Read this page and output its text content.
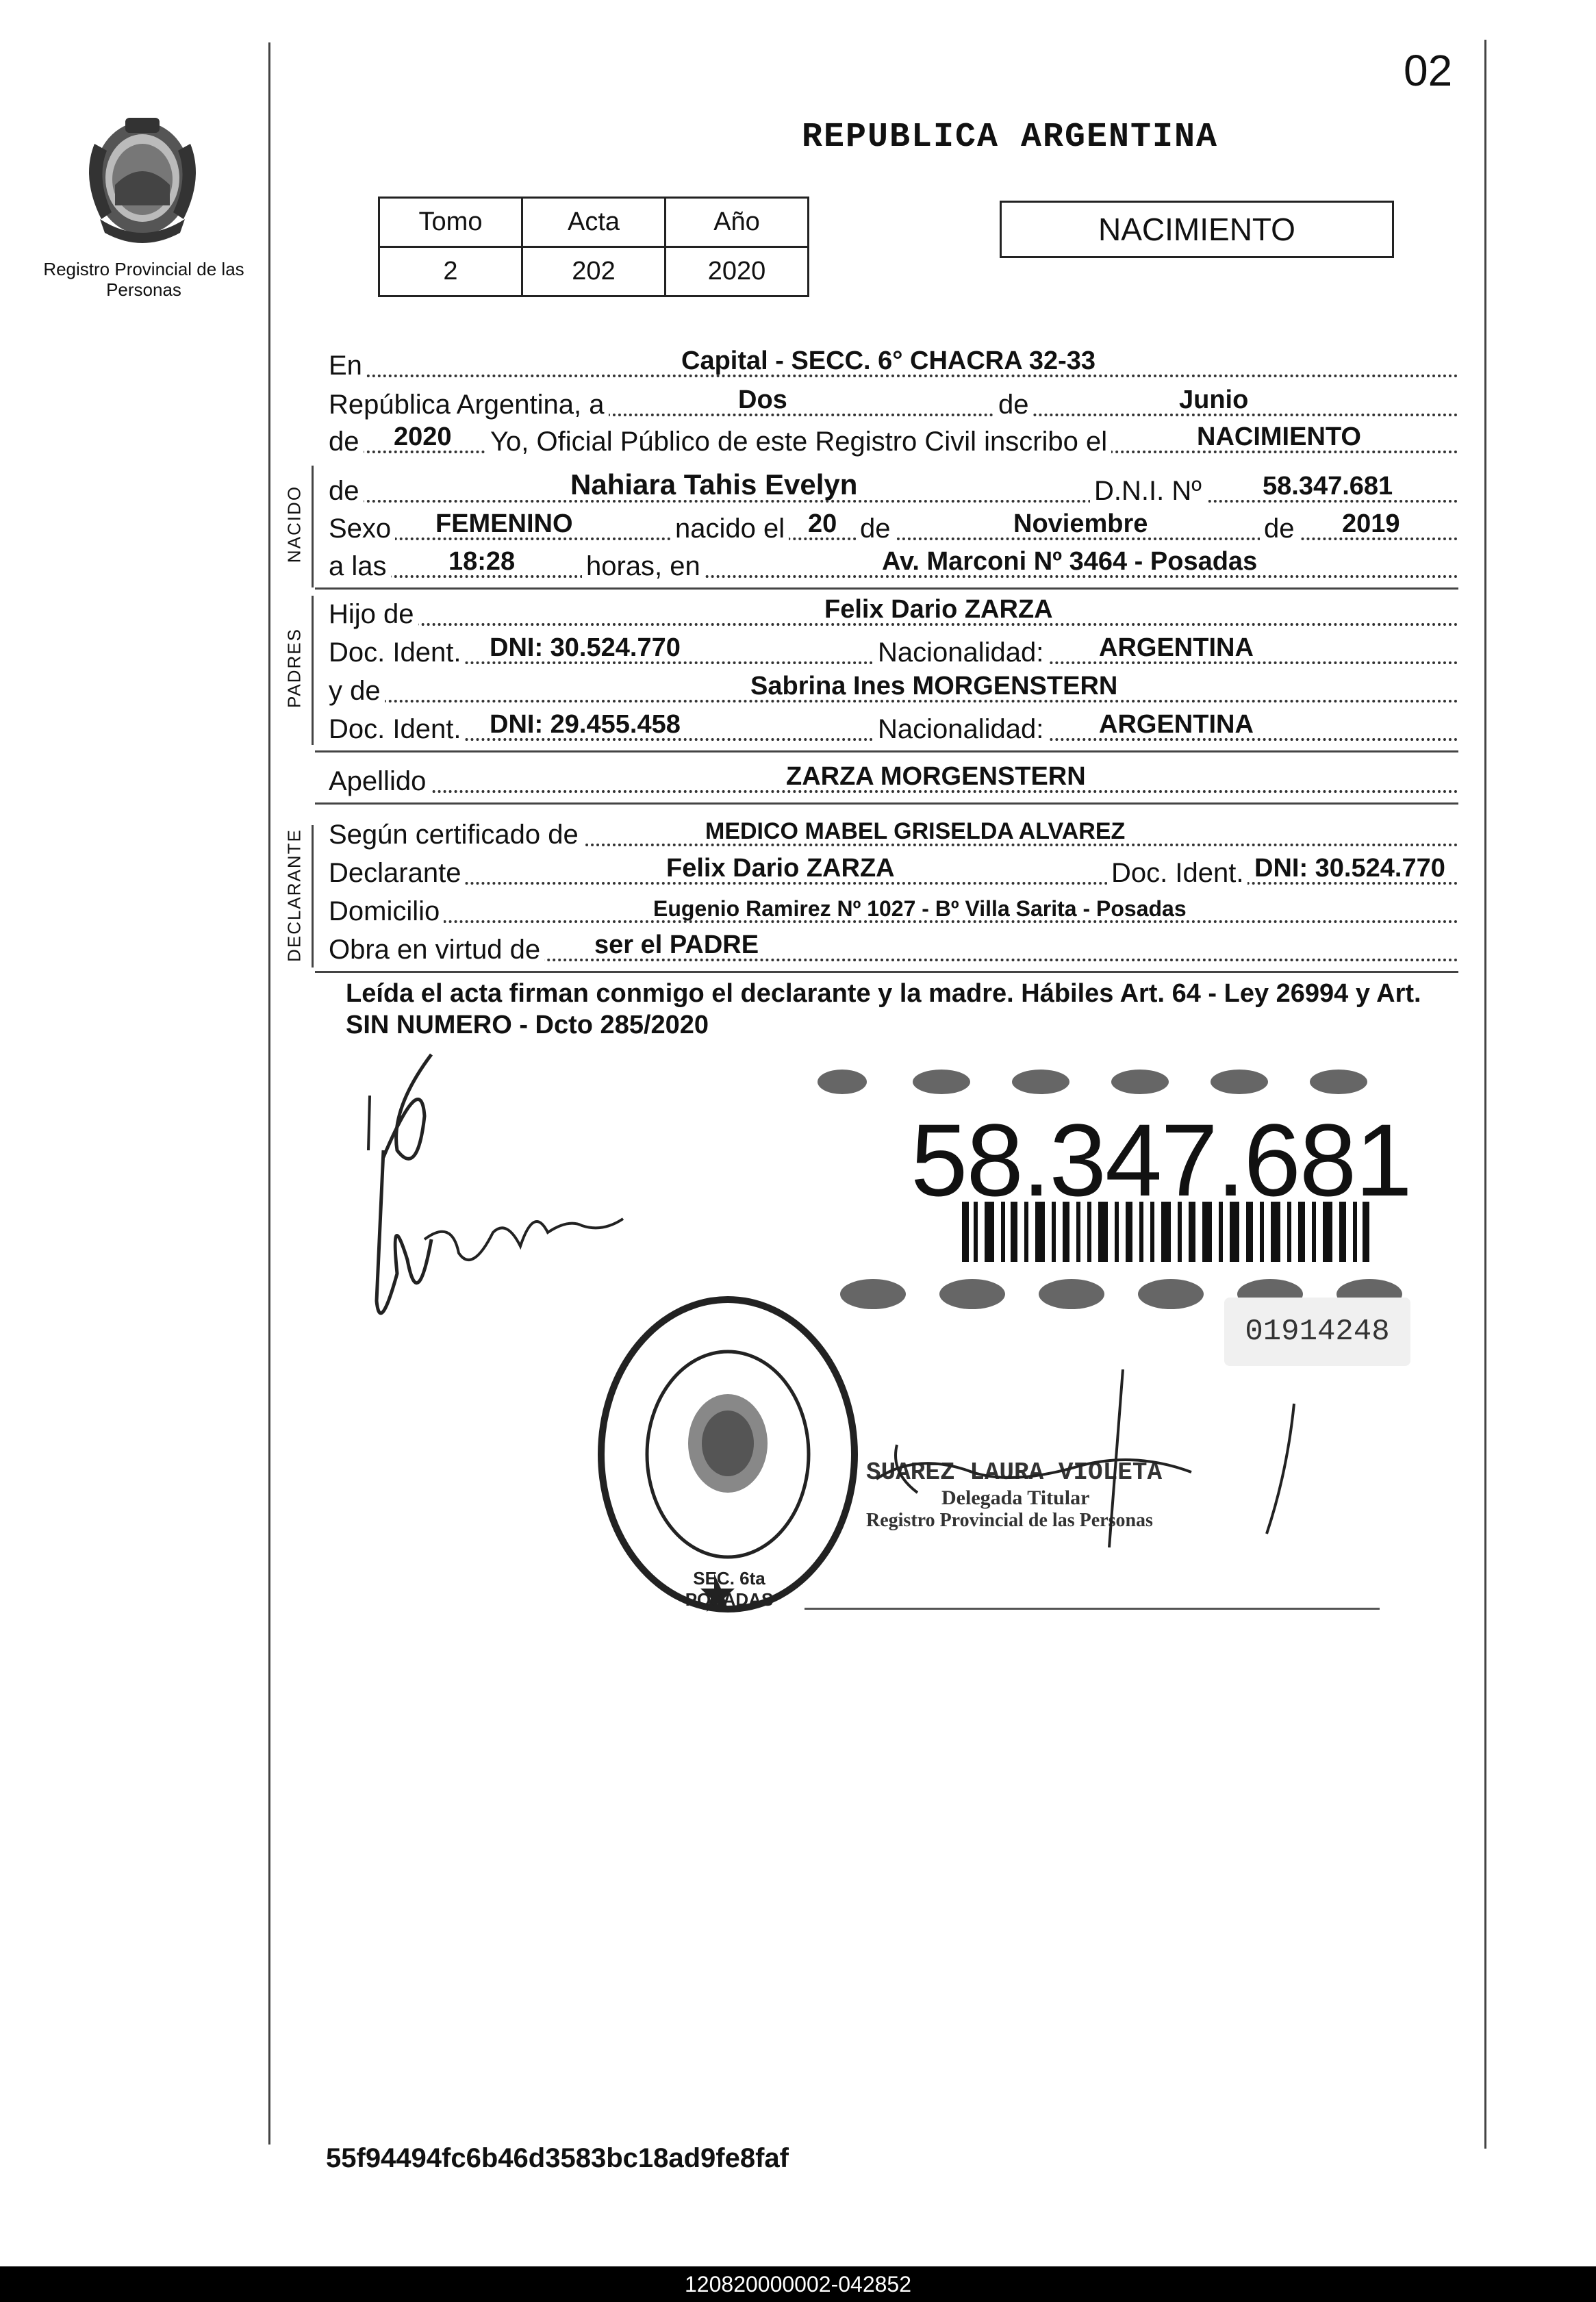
02
Registro Provincial de las Personas
REPUBLICA ARGENTINA
Tomo	Acta	Año
2	202	2020
NACIMIENTO
En	Capital - SECC. 6° CHACRA 32-33
República Argentina, a	Dos	de	Junio
de 2020 Yo, Oficial Público de este Registro Civil inscribo el	NACIMIENTO
NACIDO de	Nahiara Tahis Evelyn	D.N.I. Nº 58.347.681
Sexo FEMENINO	nacido el 20 de	Noviembre	de 2019
a las 18:28	horas, en	Av. Marconi Nº 3464 - Posadas
PADRES
Hijo de	Felix Dario ZARZA
Doc. Ident. DNI: 30.524.770	Nacionalidad: ARGENTINA
y de	Sabrina Ines MORGENSTERN
Doc. Ident. DNI: 29.455.458	Nacionalidad: ARGENTINA
Apellido	ZARZA MORGENSTERN
DECLARANTE Según certificado de	MEDICO MABEL GRISELDA ALVAREZ
Declarante	Felix Dario ZARZA	Doc. Ident. DNI: 30.524.770
Domicilio	Eugenio Ramirez Nº 1027 - Bº Villa Sarita - Posadas
Obra en virtud de ser el PADRE
Leída el acta firman conmigo el declarante y la madre. Hábiles Art. 64 - Ley 26994 y Art. SIN NUMERO - Dcto 285/2020
58.347.681
01914248
SEC. 6ta POSADAS
SUAREZ LAURA VIOLETA
Delegada Titular
Registro Provincial de las Personas
55f94494fc6b46d3583bc18ad9fe8faf
120820000002-042852
